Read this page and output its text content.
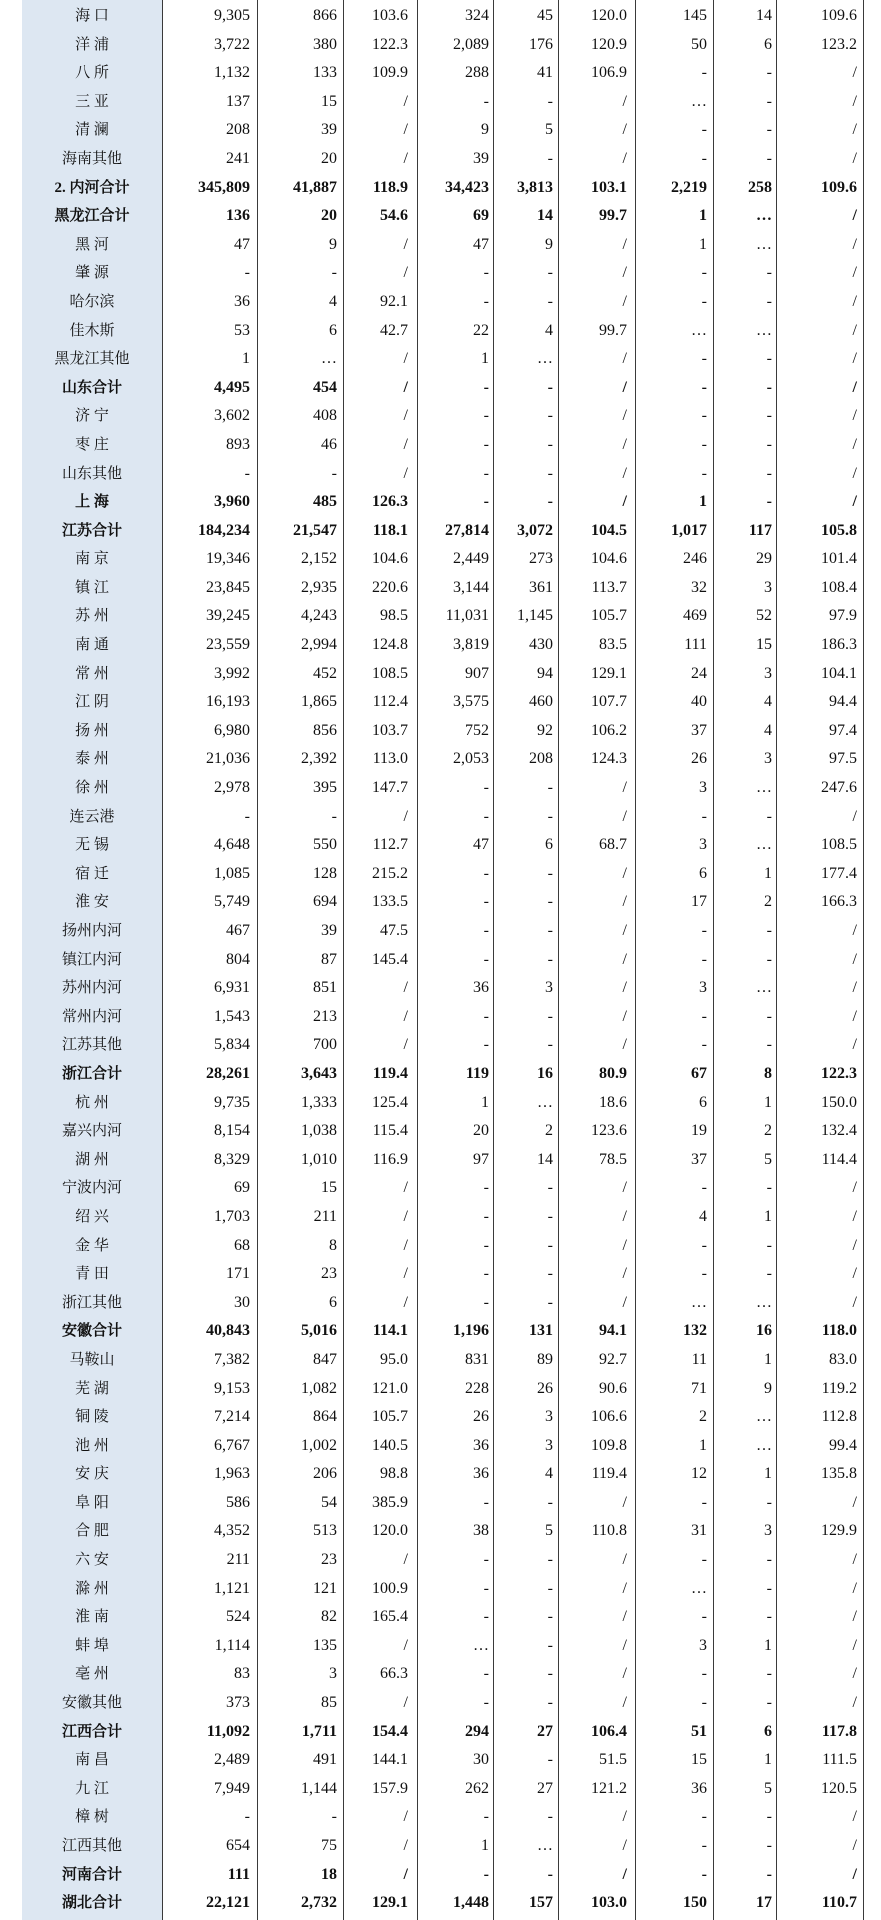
海 口	9,305	866	103.6	324	45	120.0	145	14	109.6
洋 浦	3,722	380	122.3	2,089	176	120.9	50	6	123.2
八 所	1,132	133	109.9	288	41	106.9	-	-	/
三 亚	137	15	/	-	-	/	…	-	/
清 澜	208	39	/	9	5	/	-	-	/
海南其他	241	20	/	39	-	/	-	-	/
2. 内河合计	345,809	41,887	118.9	34,423	3,813	103.1	2,219	258	109.6
黑龙江合计	136	20	54.6	69	14	99.7	1	…	/
黑 河	47	9	/	47	9	/	1	…	/
肇 源	-	-	/	-	-	/	-	-	/
哈尔滨	36	4	92.1	-	-	/	-	-	/
佳木斯	53	6	42.7	22	4	99.7	…	…	/
黑龙江其他	1	…	/	1	…	/	-	-	/
山东合计	4,495	454	/	-	-	/	-	-	/
济 宁	3,602	408	/	-	-	/	-	-	/
枣 庄	893	46	/	-	-	/	-	-	/
山东其他	-	-	/	-	-	/	-	-	/
上 海	3,960	485	126.3	-	-	/	1	-	/
江苏合计	184,234	21,547	118.1	27,814	3,072	104.5	1,017	117	105.8
南 京	19,346	2,152	104.6	2,449	273	104.6	246	29	101.4
镇 江	23,845	2,935	220.6	3,144	361	113.7	32	3	108.4
苏 州	39,245	4,243	98.5	11,031	1,145	105.7	469	52	97.9
南 通	23,559	2,994	124.8	3,819	430	83.5	111	15	186.3
常 州	3,992	452	108.5	907	94	129.1	24	3	104.1
江 阴	16,193	1,865	112.4	3,575	460	107.7	40	4	94.4
扬 州	6,980	856	103.7	752	92	106.2	37	4	97.4
泰 州	21,036	2,392	113.0	2,053	208	124.3	26	3	97.5
徐 州	2,978	395	147.7	-	-	/	3	…	247.6
连云港	-	-	/	-	-	/	-	-	/
无 锡	4,648	550	112.7	47	6	68.7	3	…	108.5
宿 迁	1,085	128	215.2	-	-	/	6	1	177.4
淮 安	5,749	694	133.5	-	-	/	17	2	166.3
扬州内河	467	39	47.5	-	-	/	-	-	/
镇江内河	804	87	145.4	-	-	/	-	-	/
苏州内河	6,931	851	/	36	3	/	3	…	/
常州内河	1,543	213	/	-	-	/	-	-	/
江苏其他	5,834	700	/	-	-	/	-	-	/
浙江合计	28,261	3,643	119.4	119	16	80.9	67	8	122.3
杭 州	9,735	1,333	125.4	1	…	18.6	6	1	150.0
嘉兴内河	8,154	1,038	115.4	20	2	123.6	19	2	132.4
湖 州	8,329	1,010	116.9	97	14	78.5	37	5	114.4
宁波内河	69	15	/	-	-	/	-	-	/
绍 兴	1,703	211	/	-	-	/	4	1	/
金 华	68	8	/	-	-	/	-	-	/
青 田	171	23	/	-	-	/	-	-	/
浙江其他	30	6	/	-	-	/	…	…	/
安徽合计	40,843	5,016	114.1	1,196	131	94.1	132	16	118.0
马鞍山	7,382	847	95.0	831	89	92.7	11	1	83.0
芜 湖	9,153	1,082	121.0	228	26	90.6	71	9	119.2
铜 陵	7,214	864	105.7	26	3	106.6	2	…	112.8
池 州	6,767	1,002	140.5	36	3	109.8	1	…	99.4
安 庆	1,963	206	98.8	36	4	119.4	12	1	135.8
阜 阳	586	54	385.9	-	-	/	-	-	/
合 肥	4,352	513	120.0	38	5	110.8	31	3	129.9
六 安	211	23	/	-	-	/	-	-	/
滁 州	1,121	121	100.9	-	-	/	…	-	/
淮 南	524	82	165.4	-	-	/	-	-	/
蚌 埠	1,114	135	/	…	-	/	3	1	/
亳 州	83	3	66.3	-	-	/	-	-	/
安徽其他	373	85	/	-	-	/	-	-	/
江西合计	11,092	1,711	154.4	294	27	106.4	51	6	117.8
南 昌	2,489	491	144.1	30	-	51.5	15	1	111.5
九 江	7,949	1,144	157.9	262	27	121.2	36	5	120.5
樟 树	-	-	/	-	-	/	-	-	/
江西其他	654	75	/	1	…	/	-	-	/
河南合计	111	18	/	-	-	/	-	-	/
湖北合计	22,121	2,732	129.1	1,448	157	103.0	150	17	110.7
